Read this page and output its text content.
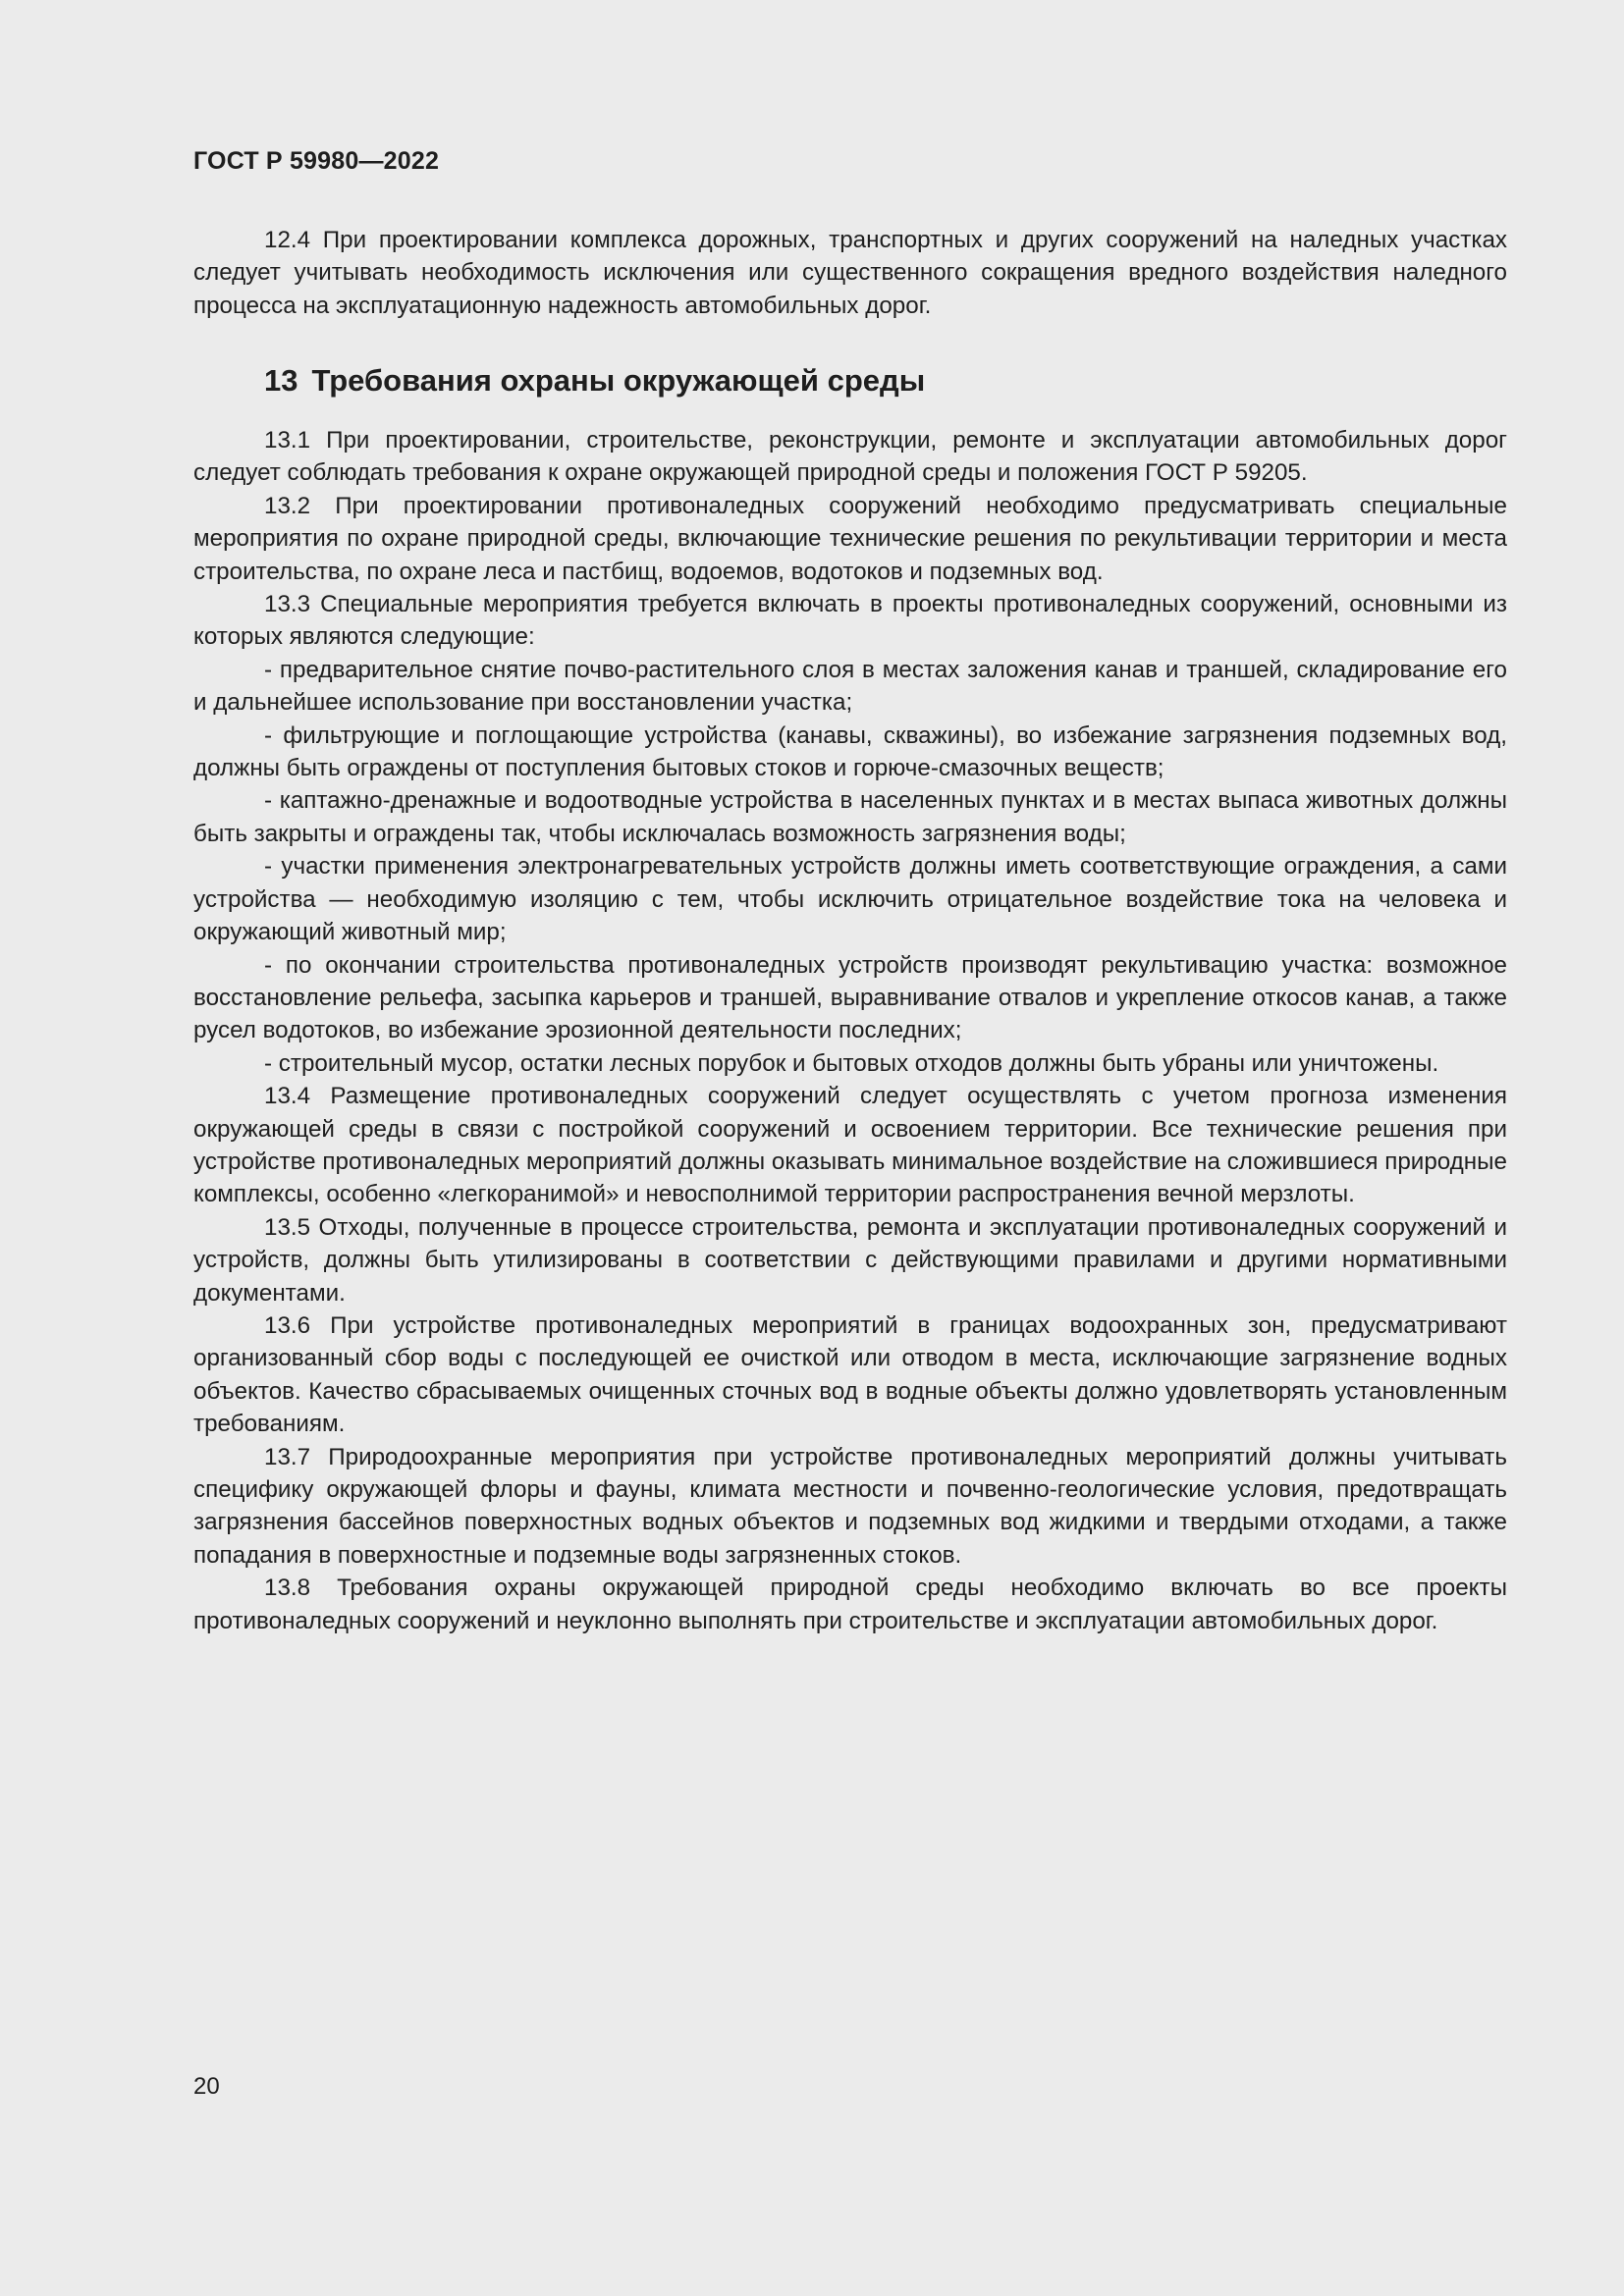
ГОСТ Р 59980—2022

12.4 При проектировании комплекса дорожных, транспортных и других сооружений на наледных участках следует учитывать необходимость исключения или существенного сокращения вредного воздействия наледного процесса на эксплуатационную надежность автомобильных дорог.

13 Требования охраны окружающей среды

13.1 При проектировании, строительстве, реконструкции, ремонте и эксплуатации автомобильных дорог следует соблюдать требования к охране окружающей природной среды и положения ГОСТ Р 59205.

13.2 При проектировании противоналедных сооружений необходимо предусматривать специальные мероприятия по охране природной среды, включающие технические решения по рекультивации территории и места строительства, по охране леса и пастбищ, водоемов, водотоков и подземных вод.

13.3 Специальные мероприятия требуется включать в проекты противоналедных сооружений, основными из которых являются следующие:

- предварительное снятие почво-растительного слоя в местах заложения канав и траншей, складирование его и дальнейшее использование при восстановлении участка;

- фильтрующие и поглощающие устройства (канавы, скважины), во избежание загрязнения подземных вод, должны быть ограждены от поступления бытовых стоков и горюче-смазочных веществ;

- каптажно-дренажные и водоотводные устройства в населенных пунктах и в местах выпаса животных должны быть закрыты и ограждены так, чтобы исключалась возможность загрязнения воды;

- участки применения электронагревательных устройств должны иметь соответствующие ограждения, а сами устройства — необходимую изоляцию с тем, чтобы исключить отрицательное воздействие тока на человека и окружающий животный мир;

- по окончании строительства противоналедных устройств производят рекультивацию участка: возможное восстановление рельефа, засыпка карьеров и траншей, выравнивание отвалов и укрепление откосов канав, а также русел водотоков, во избежание эрозионной деятельности последних;

- строительный мусор, остатки лесных порубок и бытовых отходов должны быть убраны или уничтожены.

13.4 Размещение противоналедных сооружений следует осуществлять с учетом прогноза изменения окружающей среды в связи с постройкой сооружений и освоением территории. Все технические решения при устройстве противоналедных мероприятий должны оказывать минимальное воздействие на сложившиеся природные комплексы, особенно «легкоранимой» и невосполнимой территории распространения вечной мерзлоты.

13.5 Отходы, полученные в процессе строительства, ремонта и эксплуатации противоналедных сооружений и устройств, должны быть утилизированы в соответствии с действующими правилами и другими нормативными документами.

13.6 При устройстве противоналедных мероприятий в границах водоохранных зон, предусматривают организованный сбор воды с последующей ее очисткой или отводом в места, исключающие загрязнение водных объектов. Качество сбрасываемых очищенных сточных вод в водные объекты должно удовлетворять установленным требованиям.

13.7 Природоохранные мероприятия при устройстве противоналедных мероприятий должны учитывать специфику окружающей флоры и фауны, климата местности и почвенно-геологические условия, предотвращать загрязнения бассейнов поверхностных водных объектов и подземных вод жидкими и твердыми отходами, а также попадания в поверхностные и подземные воды загрязненных стоков.

13.8 Требования охраны окружающей природной среды необходимо включать во все проекты противоналедных сооружений и неуклонно выполнять при строительстве и эксплуатации автомобильных дорог.

20
